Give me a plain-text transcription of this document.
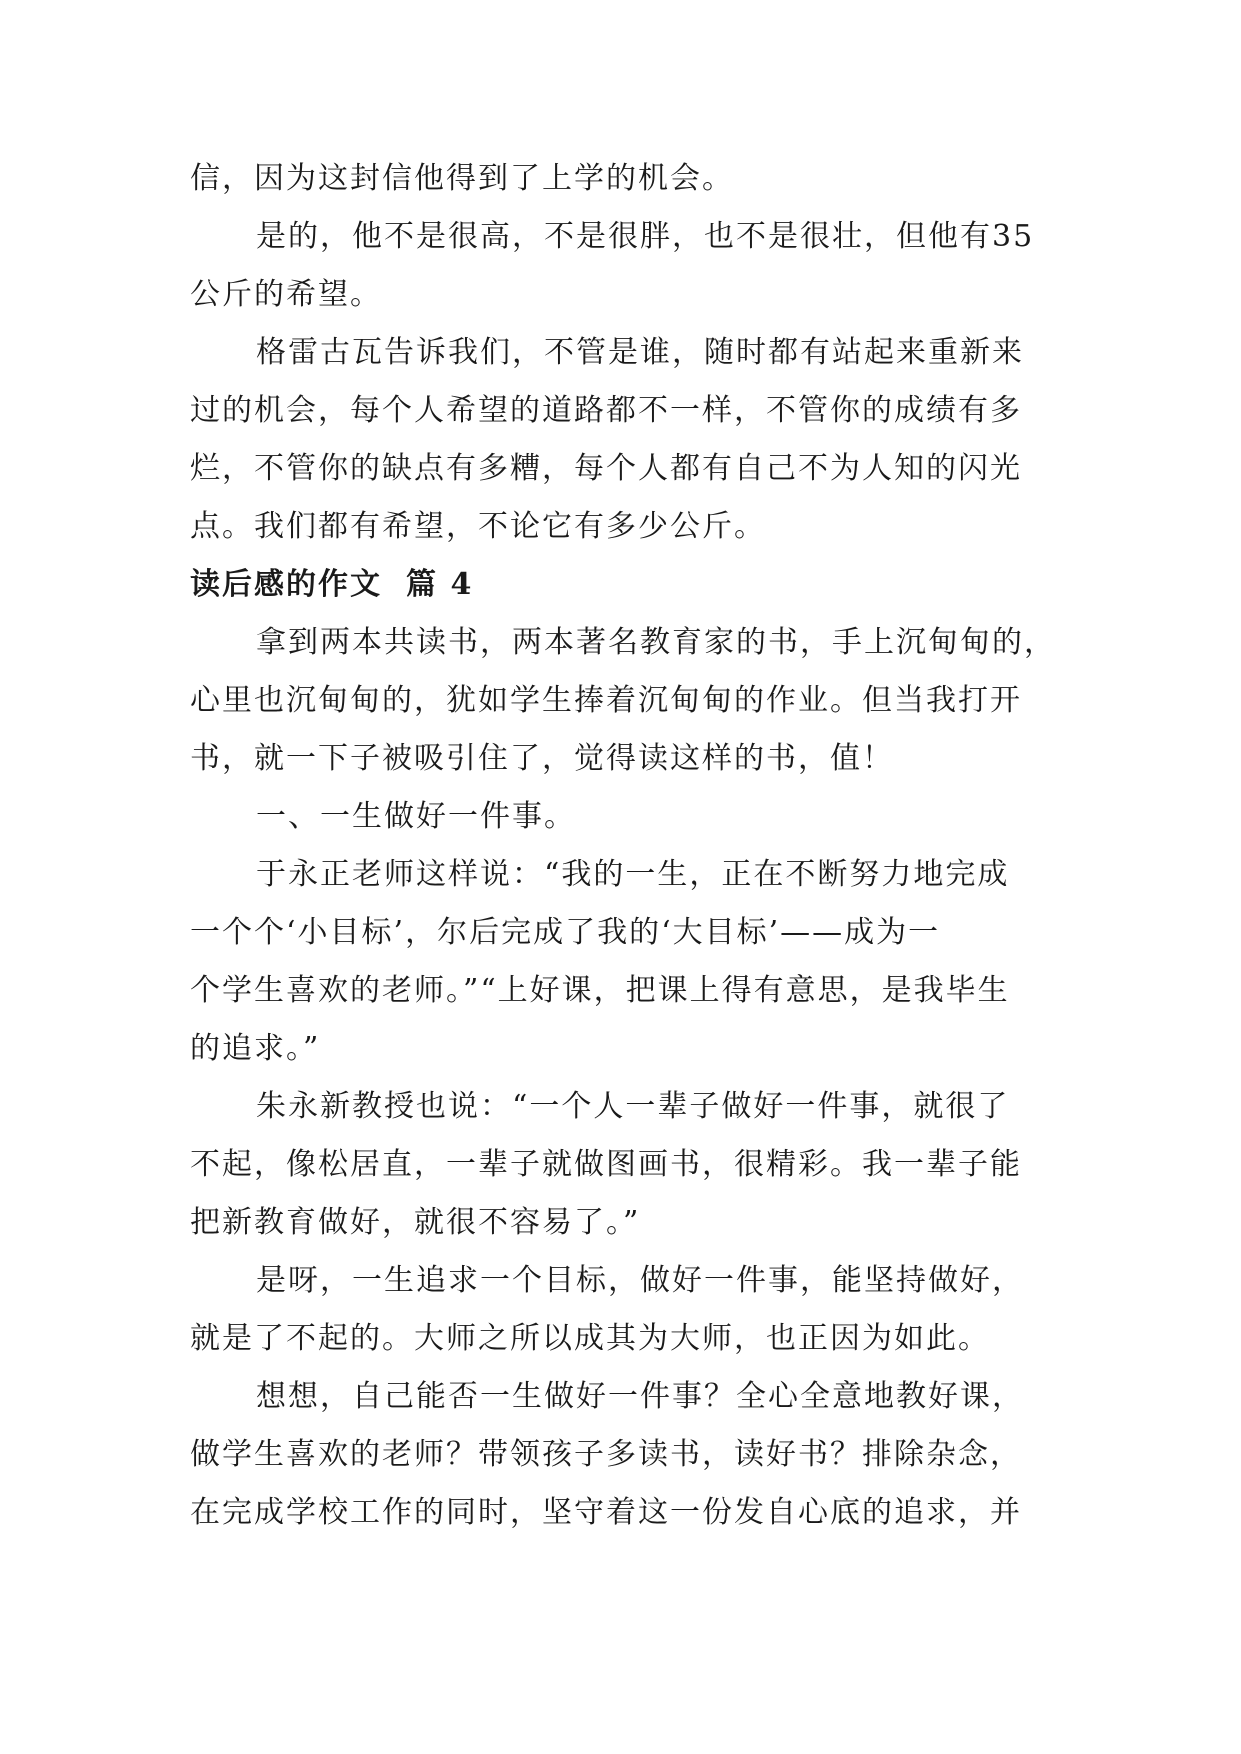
信，因为这封信他得到了上学的机会。

是的，他不是很高，不是很胖，也不是很壮，但他有35
公斤的希望。

格雷古瓦告诉我们，不管是谁，随时都有站起来重新来
过的机会，每个人希望的道路都不一样，不管你的成绩有多
烂，不管你的缺点有多糟，每个人都有自己不为人知的闪光
点。我们都有希望，不论它有多少公斤。

读后感的作文 篇 4

拿到两本共读书，两本著名教育家的书，手上沉甸甸的，
心里也沉甸甸的，犹如学生捧着沉甸甸的作业。但当我打开
书，就一下子被吸引住了，觉得读这样的书，值！

一、一生做好一件事。

于永正老师这样说：“我的一生，正在不断努力地完成
一个个‘小目标’，尔后完成了我的‘大目标’——成为一
个学生喜欢的老师。”“上好课，把课上得有意思，是我毕生
的追求。”

朱永新教授也说：“一个人一辈子做好一件事，就很了
不起，像松居直，一辈子就做图画书，很精彩。我一辈子能
把新教育做好，就很不容易了。”

是呀，一生追求一个目标，做好一件事，能坚持做好，
就是了不起的。大师之所以成其为大师，也正因为如此。

想想，自己能否一生做好一件事？全心全意地教好课，
做学生喜欢的老师？带领孩子多读书，读好书？排除杂念，
在完成学校工作的同时，坚守着这一份发自心底的追求，并
